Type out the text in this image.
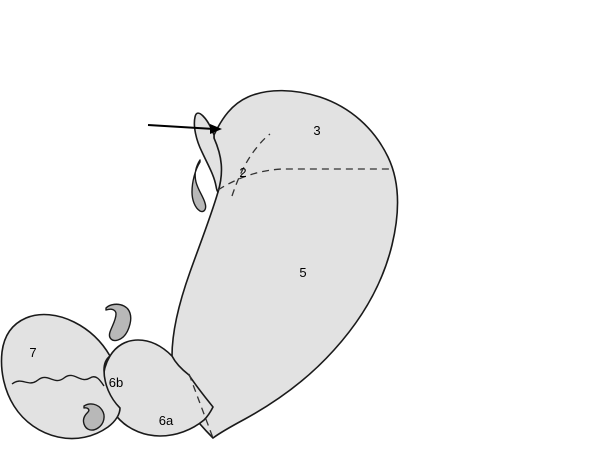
2
3
5
6a
6b
7
